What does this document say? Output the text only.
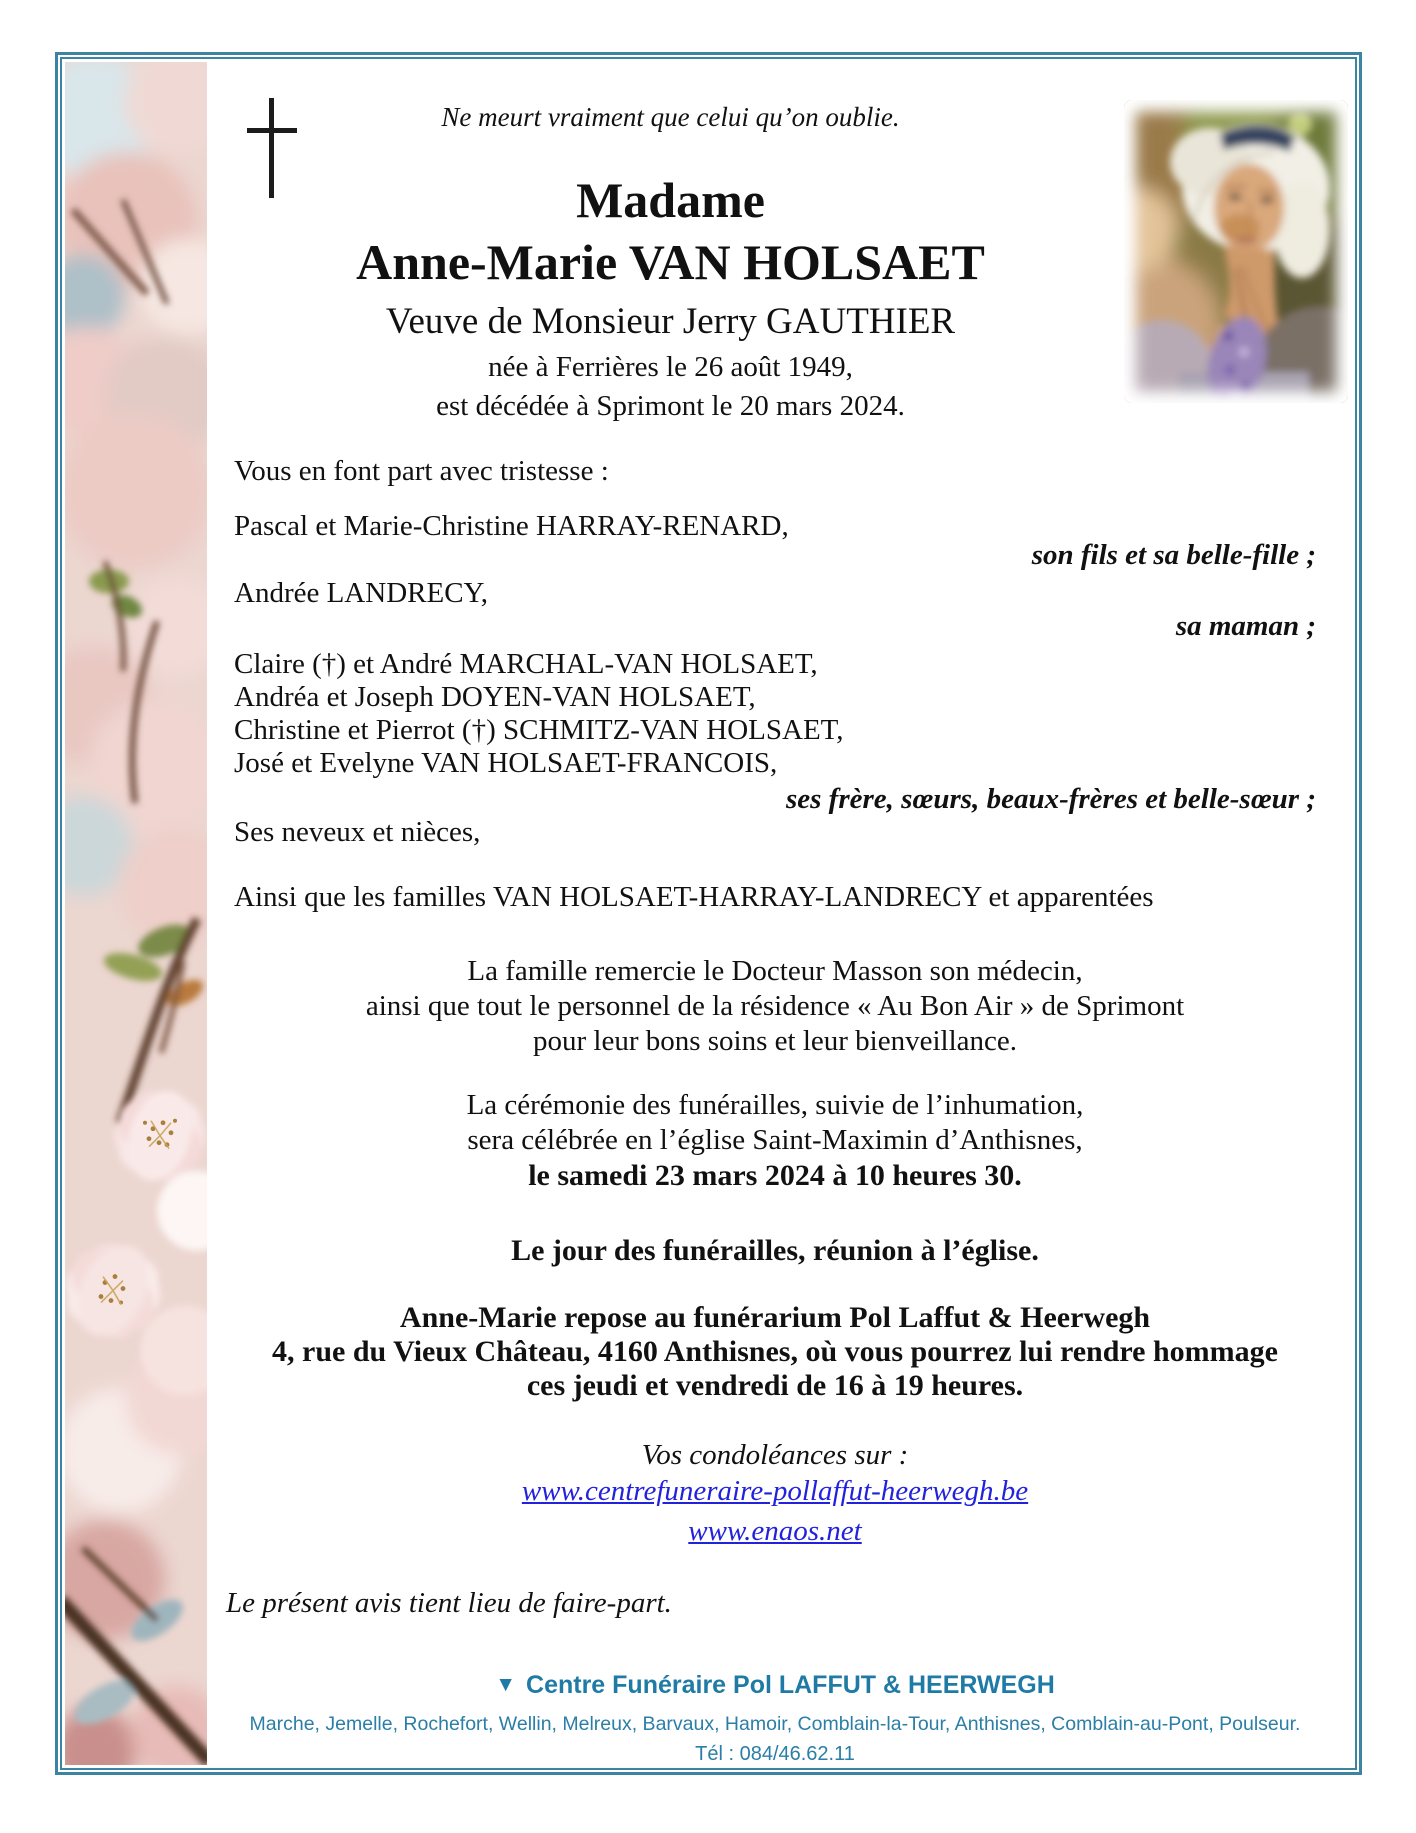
Ne meurt vraiment que celui qu’on oublie.
Madame
Anne-Marie VAN HOLSAET
Veuve de Monsieur Jerry GAUTHIER
née à Ferrières le 26 août 1949,
est décédée à Sprimont le 20 mars 2024.
Vous en font part avec tristesse :
Pascal et Marie-Christine HARRAY-RENARD,
son fils et sa belle-fille ;
Andrée LANDRECY,
sa maman ;
Claire (†) et André MARCHAL-VAN HOLSAET,
Andréa et Joseph DOYEN-VAN HOLSAET,
Christine et Pierrot (†) SCHMITZ-VAN HOLSAET,
José et Evelyne VAN HOLSAET-FRANCOIS,
ses frère, sœurs, beaux-frères et belle-sœur ;
Ses neveux et nièces,
Ainsi que les familles VAN HOLSAET-HARRAY-LANDRECY et apparentées
La famille remercie le Docteur Masson son médecin,
ainsi que tout le personnel de la résidence « Au Bon Air » de Sprimont
pour leur bons soins et leur bienveillance.
La cérémonie des funérailles, suivie de l’inhumation,
sera célébrée en l’église Saint-Maximin d’Anthisnes,
le samedi 23 mars 2024 à 10 heures 30.
Le jour des funérailles, réunion à l’église.
Anne-Marie repose au funérarium Pol Laffut & Heerwegh
4, rue du Vieux Château, 4160 Anthisnes, où vous pourrez lui rendre hommage
ces jeudi et vendredi de 16 à 19 heures.
Vos condoléances sur :
www.centrefuneraire-pollaffut-heerwegh.be
www.enaos.net
Le présent avis tient lieu de faire-part.
▼ Centre Funéraire Pol LAFFUT & HEERWEGH
Marche, Jemelle, Rochefort, Wellin, Melreux, Barvaux, Hamoir, Comblain-la-Tour, Anthisnes, Comblain-au-Pont, Poulseur.
Tél : 084/46.62.11
